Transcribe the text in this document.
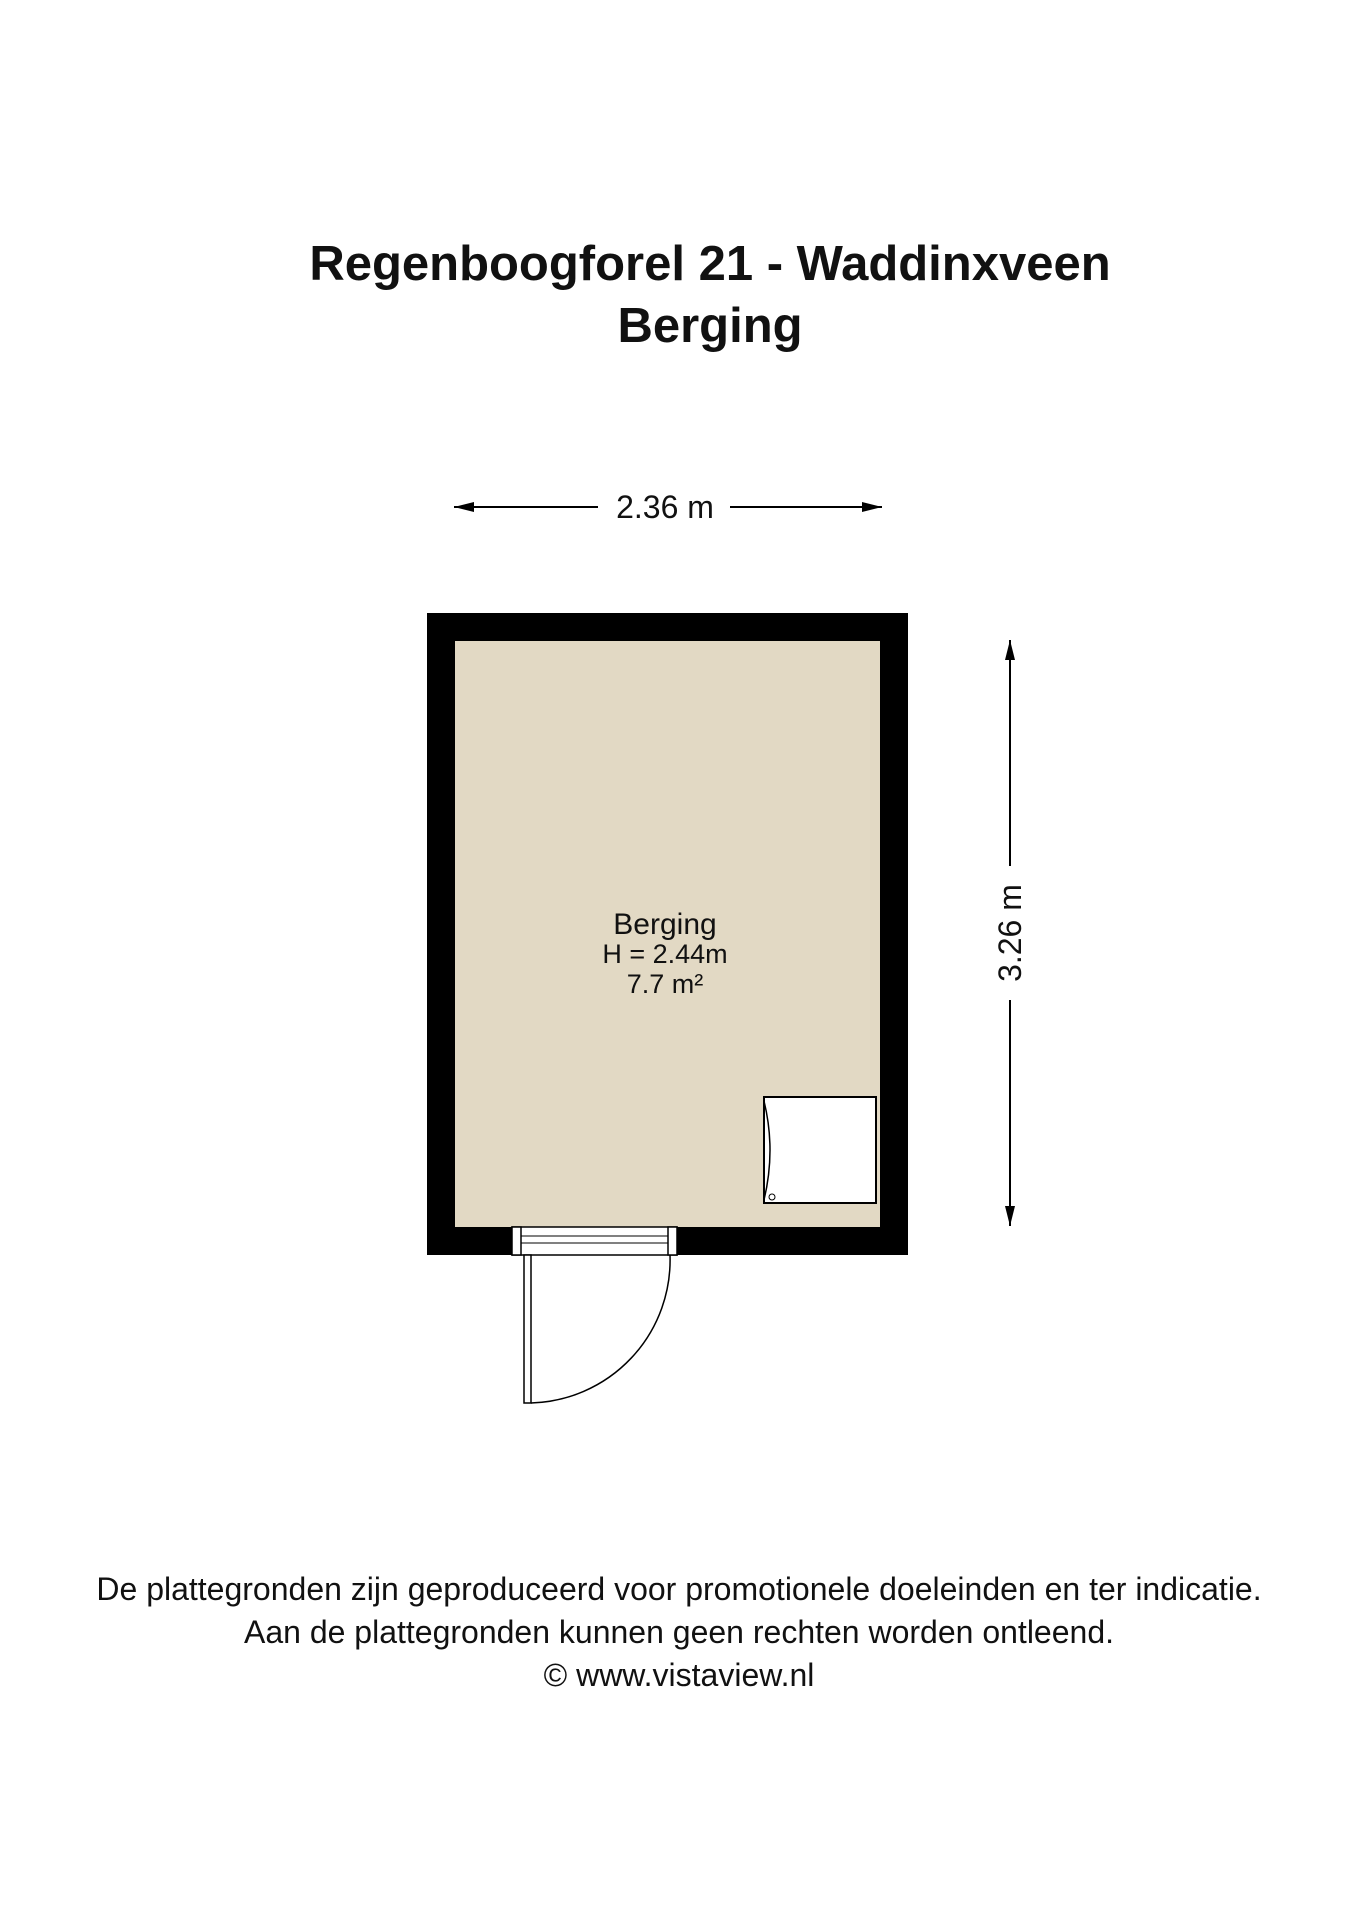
Regenboogforel 21 - Waddinxveen
Berging
2.36 m
3.26 m
Berging
H = 2.44m
7.7 m²
De plattegronden zijn geproduceerd voor promotionele doeleinden en ter indicatie.
Aan de plattegronden kunnen geen rechten worden ontleend.
© www.vistaview.nl
